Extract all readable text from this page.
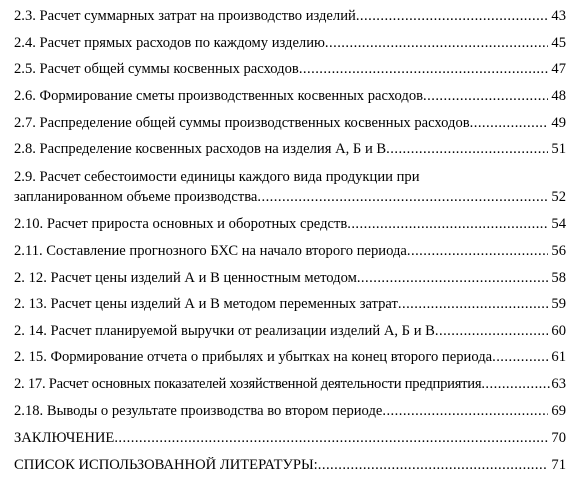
2.3. Расчет суммарных затрат на производство изделий . . .	43
2.4. Расчет прямых расходов по каждому изделию . . .	45
2.5. Расчет общей суммы косвенных расходов . . .	47
2.6. Формирование сметы производственных косвенных расходов . . .	48
2.7. Распределение общей суммы производственных косвенных расходов . . .	49
2.8. Распределение косвенных расходов на изделия А, Б и В . . .	51
2.9. Расчет себестоимости единицы каждого вида продукции при
запланированном объеме производства . . .	52
2.10. Расчет прироста основных и оборотных средств . . .	54
2.11. Составление прогнозного БХС на начало второго периода . . .	56
2. 12. Расчет цены изделий А и В ценностным методом . . .	58
2. 13. Расчет цены изделий А и В методом переменных затрат . . .	59
2. 14. Расчет планируемой выручки от реализации изделий А, Б и В . . .	60
2. 15. Формирование отчета о прибылях и убытках на конец второго периода . . .	61
2. 17. Расчет основных показателей хозяйственной деятельности предприятия . . .	63
2.18. Выводы о результате производства во втором периоде . . .	69
ЗАКЛЮЧЕНИЕ . . .	70
СПИСОК ИСПОЛЬЗОВАННОЙ ЛИТЕРАТУРЫ: . . .	71
